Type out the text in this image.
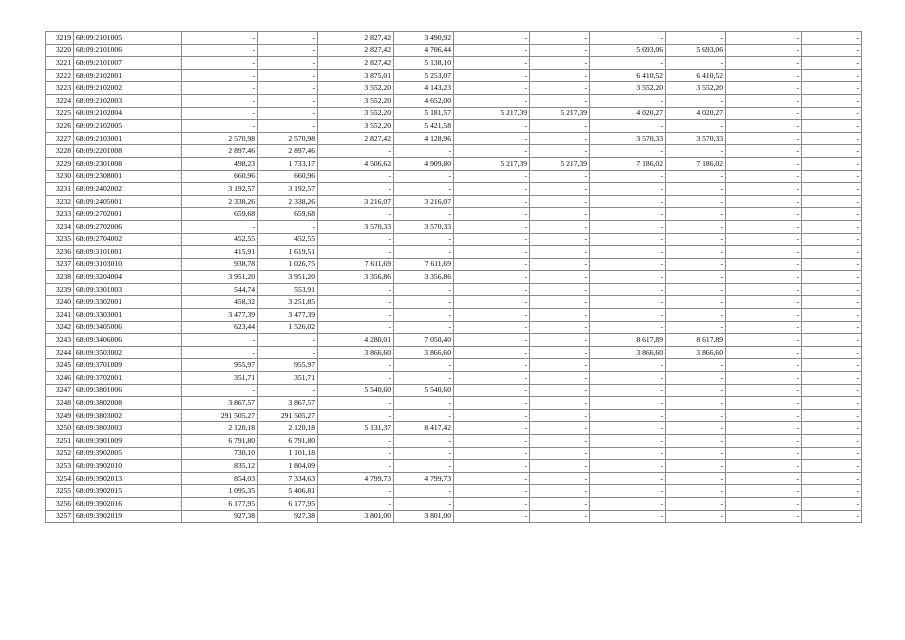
3219	68:09:2101005	-	-	2 827,42	3 490,92	-	-	-	-	-	-
3220	68:09:2101006	-	-	2 827,42	4 706,44	-	-	5 693,06	5 693,06	-	-
3221	68:09:2101007	-	-	2 827,42	5 138,10	-	-	-	-	-	-
3222	68:09:2102001	-	-	3 875,01	5 253,07	-	-	6 410,52	6 410,52	-	-
3223	68:09:2102002	-	-	3 552,20	4 143,23	-	-	3 552,20	3 552,20	-	-
3224	68:09:2102003	-	-	3 552,20	4 652,00	-	-	-	-	-	-
3225	68:09:2102004	-	-	3 552,20	5 181,57	5 217,39	5 217,39	4 020,27	4 020,27	-	-
3226	68:09:2102005	-	-	3 552,20	5 421,58	-	-	-	-	-	-
3227	68:09:2103001	2 570,98	2 570,98	2 827,42	4 128,96	-	-	3 570,33	3 570,33	-	-
3228	68:09:2201008	2 897,46	2 897,46	-	-	-	-	-	-	-	-
3229	68:09:2301008	498,23	1 733,17	4 506,62	4 909,80	5 217,39	5 217,39	7 186,02	7 186,02	-	-
3230	68:09:2308001	660,96	660,96	-	-	-	-	-	-	-	-
3231	68:09:2402002	3 192,57	3 192,57	-	-	-	-	-	-	-	-
3232	68:09:2405001	2 338,26	2 338,26	3 216,07	3 216,07	-	-	-	-	-	-
3233	68:09:2702001	659,68	659,68	-	-	-	-	-	-	-	-
3234	68:09:2702006	-	-	3 570,33	3 570,33	-	-	-	-	-	-
3235	68:09:2704002	452,55	452,55	-	-	-	-	-	-	-	-
3236	68:09:3101001	415,91	1 619,51	-	-	-	-	-	-	-	-
3237	68:09:3103010	938,78	1 026,75	7 611,69	7 611,69	-	-	-	-	-	-
3238	68:09:3204004	3 951,20	3 951,20	3 356,86	3 356,86	-	-	-	-	-	-
3239	68:09:3301003	544,74	553,91	-	-	-	-	-	-	-	-
3240	68:09:3302001	458,32	3 251,85	-	-	-	-	-	-	-	-
3241	68:09:3303001	3 477,39	3 477,39	-	-	-	-	-	-	-	-
3242	68:09:3405006	623,44	1 526,02	-	-	-	-	-	-	-	-
3243	68:09:3406006	-	-	4 280,01	7 050,40	-	-	8 617,89	8 617,89	-	-
3244	68:09:3503002	-	-	3 866,60	3 866,60	-	-	3 866,60	3 866,60	-	-
3245	68:09:3701009	955,97	955,97	-	-	-	-	-	-	-	-
3246	68:09:3702001	351,71	351,71	-	-	-	-	-	-	-	-
3247	68:09:3801006	-	-	5 540,60	5 540,60	-	-	-	-	-	-
3248	68:09:3802008	3 867,57	3 867,57	-	-	-	-	-	-	-	-
3249	68:09:3803002	291 505,27	291 505,27	-	-	-	-	-	-	-	-
3250	68:09:3803003	2 120,18	2 120,18	5 131,37	8 417,42	-	-	-	-	-	-
3251	68:09:3901009	6 791,80	6 791,80	-	-	-	-	-	-	-	-
3252	68:09:3902005	730,10	1 101,18	-	-	-	-	-	-	-	-
3253	68:09:3902010	835,12	1 804,09	-	-	-	-	-	-	-	-
3254	68:09:3902013	854,03	7 334,63	4 799,73	4 799,73	-	-	-	-	-	-
3255	68:09:3902015	1 095,35	5 406,81	-	-	-	-	-	-	-	-
3256	68:09:3902016	6 177,95	6 177,95	-	-	-	-	-	-	-	-
3257	68:09:3902019	927,38	927,38	3 801,00	3 801,00	-	-	-	-	-	-
